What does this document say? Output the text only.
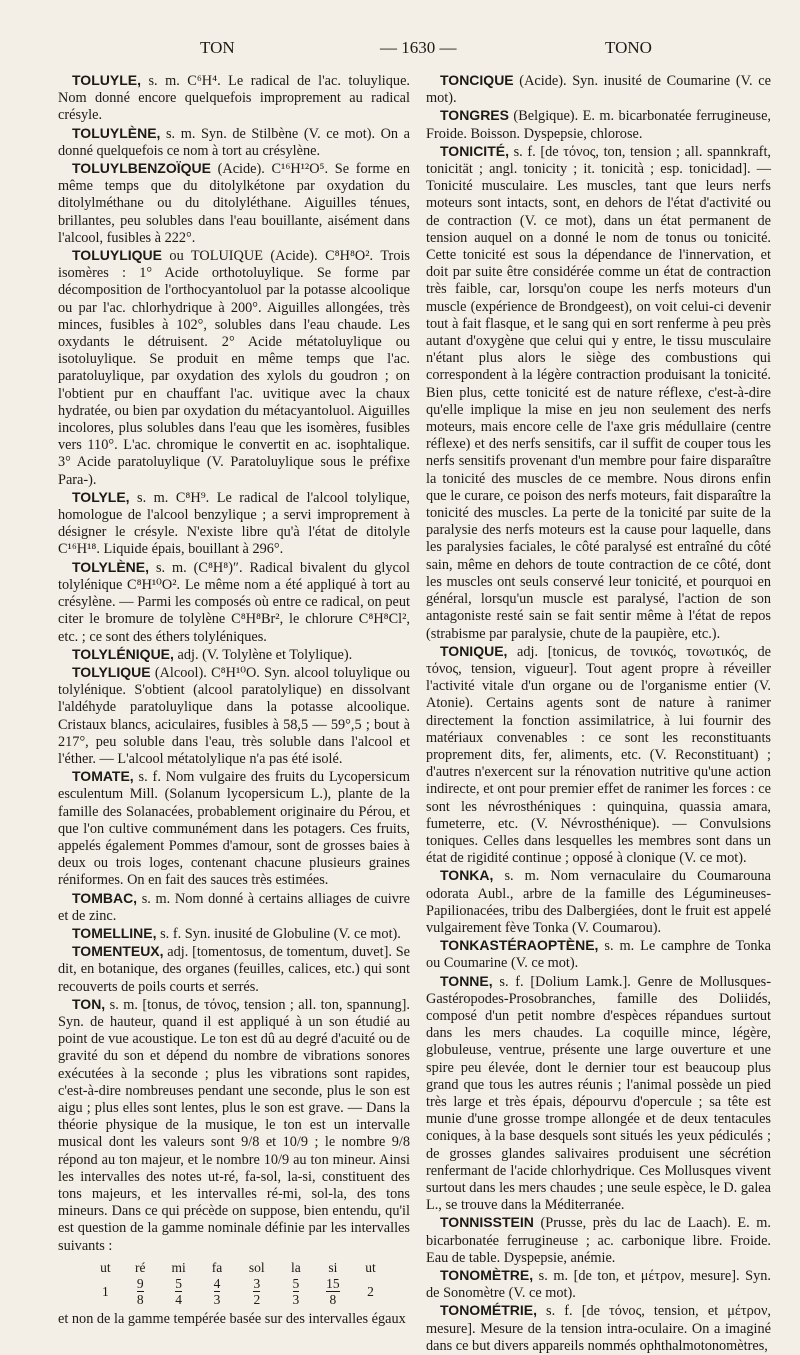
TON	— 1630 —	TONO

TOLUYLE, s. m. C⁶H⁴. Le radical de l'ac. toluylique. Nom donné encore quelquefois improprement au radical crésyle.

TOLUYLÈNE, s. m. Syn. de Stilbène (V. ce mot). On a donné quelquefois ce nom à tort au crésylène.

TOLUYLBENZOÏQUE (Acide). C¹⁶H¹²O⁵. Se forme en même temps que du ditolylkétone par oxydation du ditolylméthane ou du ditolyléthane. Aiguilles ténues, brillantes, peu solubles dans l'eau bouillante, aisément dans l'alcool, fusibles à 222°.

TOLUYLIQUE ou TOLUIQUE (Acide). C⁸H⁸O². Trois isomères : 1° Acide orthotoluylique. Se forme par décomposition de l'orthocyantoluol par la potasse alcoolique ou par l'ac. chlorhydrique à 200°. Aiguilles allongées, très minces, fusibles à 102°, solubles dans l'eau chaude. Les oxydants le détruisent. 2° Acide métatoluylique ou isotoluylique. Se produit en même temps que l'ac. paratoluylique, par oxydation des xylols du goudron ; on l'obtient pur en chauffant l'ac. uvitique avec la chaux hydratée, ou bien par oxydation du métacyantoluol. Aiguilles incolores, plus solubles dans l'eau que les isomères, fusibles vers 110°. L'ac. chromique le convertit en ac. isophtalique. 3° Acide paratoluylique (V. Paratoluylique sous le préfixe Para-).

TOLYLE, s. m. C⁸H⁹. Le radical de l'alcool tolylique, homologue de l'alcool benzylique ; a servi improprement à désigner le crésyle. N'existe libre qu'à l'état de ditolyle C¹⁶H¹⁸. Liquide épais, bouillant à 296°.

TOLYLÈNE, s. m. (C⁸H⁸)″. Radical bivalent du glycol tolylénique C⁸H¹⁰O². Le même nom a été appliqué à tort au crésylène. — Parmi les composés où entre ce radical, on peut citer le bromure de tolylène C⁸H⁸Br², le chlorure C⁸H⁸Cl², etc. ; ce sont des éthers tolyléniques.

TOLYLÉNIQUE, adj. (V. Tolylène et Tolylique).

TOLYLIQUE (Alcool). C⁸H¹⁰O. Syn. alcool toluylique ou tolylénique. S'obtient (alcool paratolylique) en dissolvant l'aldéhyde paratoluylique dans la potasse alcoolique. Cristaux blancs, aciculaires, fusibles à 58,5 — 59°,5 ; bout à 217°, peu soluble dans l'eau, très soluble dans l'alcool et l'éther. — L'alcool métatolylique n'a pas été isolé.

TOMATE, s. f. Nom vulgaire des fruits du Lycopersicum esculentum Mill. (Solanum lycopersicum L.), plante de la famille des Solanacées, probablement originaire du Pérou, et que l'on cultive communément dans les potagers. Ces fruits, appelés également Pommes d'amour, sont de grosses baies à deux ou trois loges, contenant chacune plusieurs graines réniformes. On en fait des sauces très estimées.

TOMBAC, s. m. Nom donné à certains alliages de cuivre et de zinc.

TOMELLINE, s. f. Syn. inusité de Globuline (V. ce mot).

TOMENTEUX, adj. [tomentosus, de tomentum, duvet]. Se dit, en botanique, des organes (feuilles, calices, etc.) qui sont recouverts de poils courts et serrés.

TON, s. m. [tonus, de τόνος, tension ; all. ton, spannung]. Syn. de hauteur, quand il est appliqué à un son étudié au point de vue acoustique. Le ton est dû au degré d'acuité ou de gravité du son et dépend du nombre de vibrations sonores exécutées à la seconde ; plus les vibrations sont rapides, c'est-à-dire nombreuses pendant une seconde, plus le son est aigu ; plus elles sont lentes, plus le son est grave. — Dans la théorie physique de la musique, le ton est un intervalle musical dont les valeurs sont 9/8 et 10/9 ; le nombre 9/8 répond au ton majeur, et le nombre 10/9 au ton mineur. Ainsi les intervalles des notes ut-ré, fa-sol, la-si, constituent des tons majeurs, et les intervalles ré-mi, sol-la, des tons mineurs. Dans ce qui précède on suppose, bien entendu, qu'il est question de la gamme nominale définie par les intervalles suivants :

ut	ré	mi	fa	sol	la	si	ut
1	$\frac{9}{8}$	$\frac{5}{4}$	$\frac{4}{3}$	$\frac{3}{2}$	$\frac{5}{3}$	$\frac{15}{8}$	2

et non de la gamme tempérée basée sur des intervalles égaux

TONCIQUE (Acide). Syn. inusité de Coumarine (V. ce mot).

TONGRES (Belgique). E. m. bicarbonatée ferrugineuse, Froide. Boisson. Dyspepsie, chlorose.

TONICITÉ, s. f. [de τόνος, ton, tension ; all. spannkraft, tonicität ; angl. tonicity ; it. tonicità ; esp. tonicidad]. — Tonicité musculaire. Les muscles, tant que leurs nerfs moteurs sont intacts, sont, en dehors de l'état d'activité ou de contraction (V. ce mot), dans un état permanent de tension auquel on a donné le nom de tonus ou tonicité. Cette tonicité est sous la dépendance de l'innervation, et doit par suite être considérée comme un état de contraction très faible, car, lorsqu'on coupe les nerfs moteurs d'un muscle (expérience de Brondgeest), on voit celui-ci devenir tout à fait flasque, et le sang qui en sort renferme à peu près autant d'oxygène que celui qui y entre, le tissu musculaire n'étant plus alors le siège des combustions qui correspondent à la légère contraction produisant la tonicité. Bien plus, cette tonicité est de nature réflexe, c'est-à-dire qu'elle implique la mise en jeu non seulement des nerfs moteurs, mais encore celle de l'axe gris médullaire (centre réflexe) et des nerfs sensitifs, car il suffit de couper tous les nerfs sensitifs provenant d'un membre pour faire disparaître la tonicité des muscles de ce membre. Nous dirons enfin que le curare, ce poison des nerfs moteurs, fait disparaître la tonicité des muscles. La perte de la tonicité par suite de la paralysie des nerfs moteurs est la cause pour laquelle, dans les paralysies faciales, le côté paralysé est entraîné du côté sain, même en dehors de toute contraction de ce côté, dont les muscles ont seuls conservé leur tonicité, et pourquoi en général, lorsqu'un muscle est paralysé, l'action de son antagoniste resté sain se fait sentir même à l'état de repos (strabisme par paralysie, chute de la paupière, etc.).

TONIQUE, adj. [tonicus, de τονικός, τονωτικός, de τόνος, tension, vigueur]. Tout agent propre à réveiller l'activité vitale d'un organe ou de l'organisme entier (V. Atonie). Certains agents sont de nature à ranimer directement la fonction assimilatrice, à lui fournir des matériaux convenables : ce sont les reconstituants proprement dits, fer, aliments, etc. (V. Reconstituant) ; d'autres n'exercent sur la rénovation nutritive qu'une action indirecte, et ont pour premier effet de ranimer les forces : ce sont les névrosthéniques : quinquina, quassia amara, fumeterre, etc. (V. Névrosthénique). — Convulsions toniques. Celles dans lesquelles les membres sont dans un état de rigidité continue ; opposé à clonique (V. ce mot).

TONKA, s. m. Nom vernaculaire du Coumarouna odorata Aubl., arbre de la famille des Légumineuses-Papilionacées, tribu des Dalbergiées, dont le fruit est appelé vulgairement fève Tonka (V. Coumarou).

TONKASTÉRAOPTÈNE, s. m. Le camphre de Tonka ou Coumarine (V. ce mot).

TONNE, s. f. [Dolium Lamk.]. Genre de Mollusques-Gastéropodes-Prosobranches, famille des Doliidés, composé d'un petit nombre d'espèces répandues surtout dans les mers chaudes. La coquille mince, légère, globuleuse, ventrue, présente une large ouverture et une spire peu élevée, dont le dernier tour est beaucoup plus grand que tous les autres réunis ; l'animal possède un pied très large et très épais, dépourvu d'opercule ; sa tête est munie d'une grosse trompe allongée et de deux tentacules coniques, à la base desquels sont situés les yeux pédiculés ; de grosses glandes salivaires produisent une sécrétion renfermant de l'acide chlorhydrique. Ces Mollusques vivent surtout dans les mers chaudes ; une seule espèce, le D. galea L., se trouve dans la Méditerranée.

TONNISSTEIN (Prusse, près du lac de Laach). E. m. bicarbonatée ferrugineuse ; ac. carbonique libre. Froide. Eau de table. Dyspepsie, anémie.

TONOMÈTRE, s. m. [de ton, et μέτρον, mesure]. Syn. de Sonomètre (V. ce mot).

TONOMÉTRIE, s. f. [de τόνος, tension, et μέτρον, mesure]. Mesure de la tension intra-oculaire. On a imaginé dans ce but divers appareils nommés ophthalmotonomètres,
